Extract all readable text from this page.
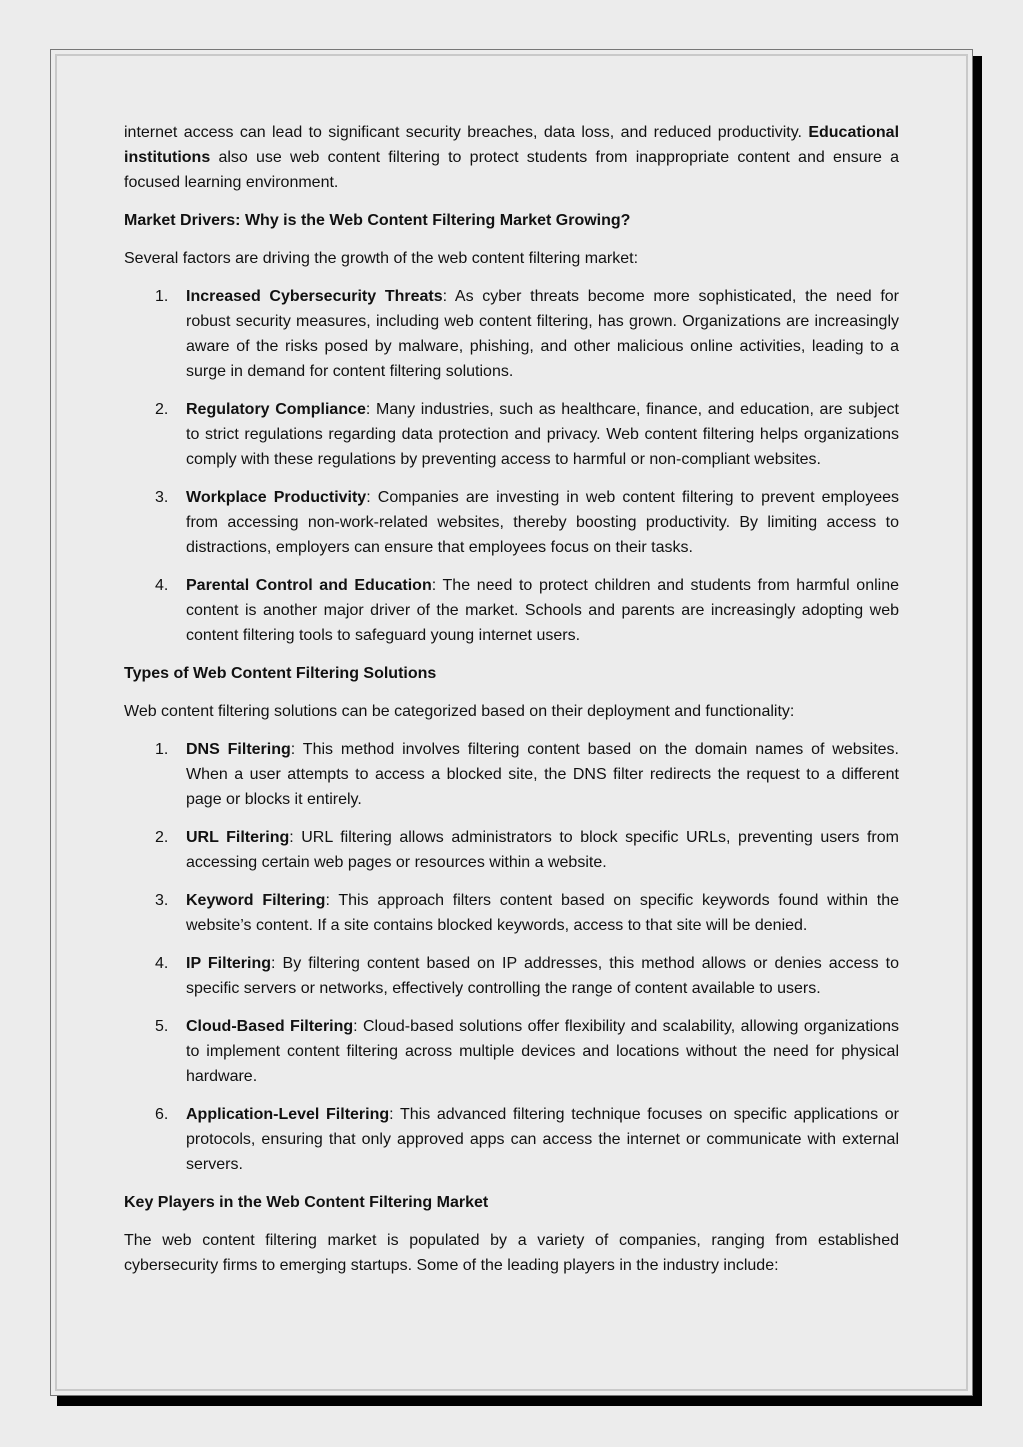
internet access can lead to significant security breaches, data loss, and reduced productivity. Educational institutions also use web content filtering to protect students from inappropriate content and ensure a focused learning environment.

Market Drivers: Why is the Web Content Filtering Market Growing?

Several factors are driving the growth of the web content filtering market:

1. Increased Cybersecurity Threats: As cyber threats become more sophisticated, the need for robust security measures, including web content filtering, has grown. Organizations are increasingly aware of the risks posed by malware, phishing, and other malicious online activities, leading to a surge in demand for content filtering solutions.
2. Regulatory Compliance: Many industries, such as healthcare, finance, and education, are subject to strict regulations regarding data protection and privacy. Web content filtering helps organizations comply with these regulations by preventing access to harmful or non-compliant websites.
3. Workplace Productivity: Companies are investing in web content filtering to prevent employees from accessing non-work-related websites, thereby boosting productivity. By limiting access to distractions, employers can ensure that employees focus on their tasks.
4. Parental Control and Education: The need to protect children and students from harmful online content is another major driver of the market. Schools and parents are increasingly adopting web content filtering tools to safeguard young internet users.
Types of Web Content Filtering Solutions

Web content filtering solutions can be categorized based on their deployment and functionality:

1. DNS Filtering: This method involves filtering content based on the domain names of websites. When a user attempts to access a blocked site, the DNS filter redirects the request to a different page or blocks it entirely.
2. URL Filtering: URL filtering allows administrators to block specific URLs, preventing users from accessing certain web pages or resources within a website.
3. Keyword Filtering: This approach filters content based on specific keywords found within the website’s content. If a site contains blocked keywords, access to that site will be denied.
4. IP Filtering: By filtering content based on IP addresses, this method allows or denies access to specific servers or networks, effectively controlling the range of content available to users.
5. Cloud-Based Filtering: Cloud-based solutions offer flexibility and scalability, allowing organizations to implement content filtering across multiple devices and locations without the need for physical hardware.
6. Application-Level Filtering: This advanced filtering technique focuses on specific applications or protocols, ensuring that only approved apps can access the internet or communicate with external servers.
Key Players in the Web Content Filtering Market

The web content filtering market is populated by a variety of companies, ranging from established cybersecurity firms to emerging startups. Some of the leading players in the industry include:
